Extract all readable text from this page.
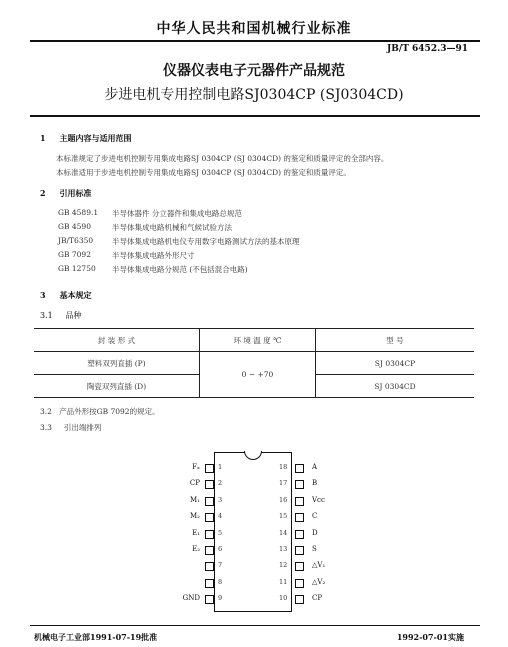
中华人民共和国机械行业标准
JB/T 6452.3—91
仪器仪表电子元器件产品规范
步进电机专用控制电路SJ0304CP (SJ0304CD)
1 主题内容与适用范围
本标准规定了步进电机控制专用集成电路SJ 0304CP (SJ 0304CD) 的鉴定和质量评定的全部内容。
本标准适用于步进电机控制专用集成电路SJ 0304CP (SJ 0304CD) 的鉴定和质量评定。
2 引用标准
GB 4589.1 半导体器件 分立器件和集成电路总规范
GB 4590	半导体集成电路机械和气候试验方法
JB/T6350	半导体集成电路机电仪专用数字电路测试方法的基本原理
GB 7092	半导体集成电路外形尺寸
GB 12750 半导体集成电路分规范 (不包括混合电路)
3 基本规定
3.1 品种
封 装 形 式	环 境 温 度 ℃	型 号
塑料双列直插 (P)	0 ~ +70	SJ 0304CP
陶瓷双列直插 (D)		SJ 0304CD
3.2 产品外形按GB 7092的规定。
3.3 引出端排列
1
Fₓ
2
CP
3
M₁
4
M₂
5
E₁
6
E₂
7
8
9
GND
18	A
17	B
16	Vcc
15	C
14	D
13	S
12	△V₁
11	△V₂
10	CP
机械电子工业部1991-07-19批准	1992-07-01实施
